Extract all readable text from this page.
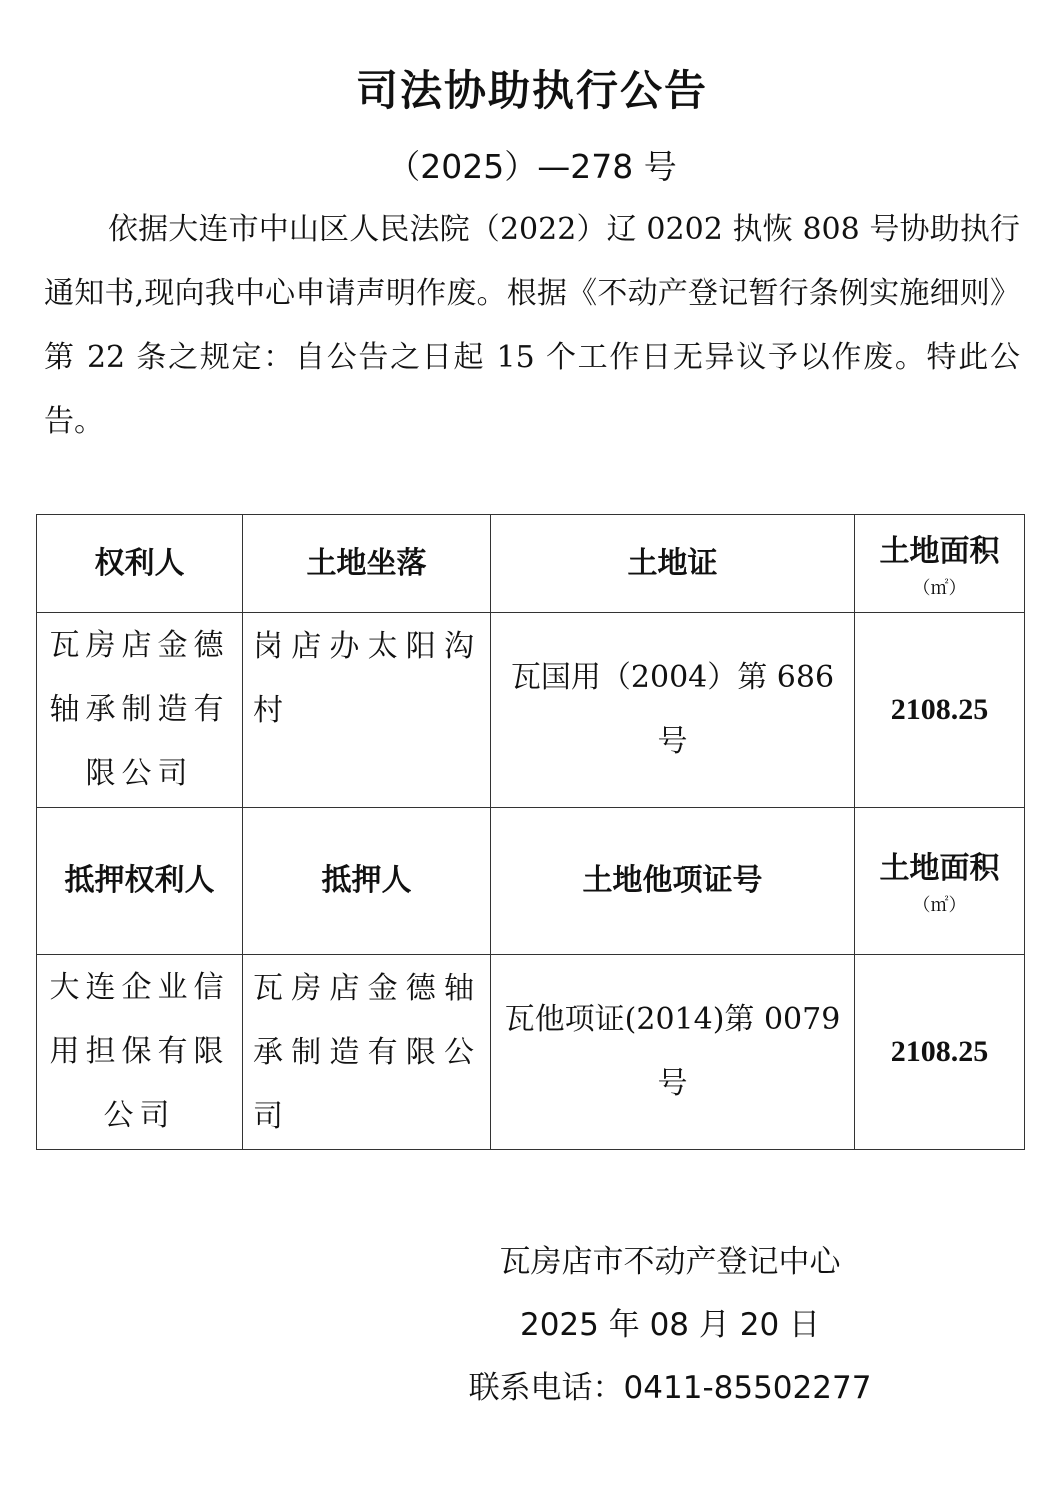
司法协助执行公告

（2025）—278 号

依据大连市中山区人民法院（2022）辽 0202 执恢 808 号协助执行通知书,现向我中心申请声明作废。根据《不动产登记暂行条例实施细则》第 22 条之规定：自公告之日起 15 个工作日无异议予以作废。特此公告。

权利人	土地坐落	土地证	土地面积
（㎡）

瓦房店金德轴承制造有限公司	岗店办太阳沟村	瓦国用（2004）第 686 号	2108.25
抵押权利人	抵押人	土地他项证号	土地面积
（㎡）

大连企业信用担保有限公司	瓦房店金德轴承制造有限公司	瓦他项证(2014)第 0079 号	2108.25

瓦房店市不动产登记中心

2025 年 08 月 20 日

联系电话：0411-85502277
